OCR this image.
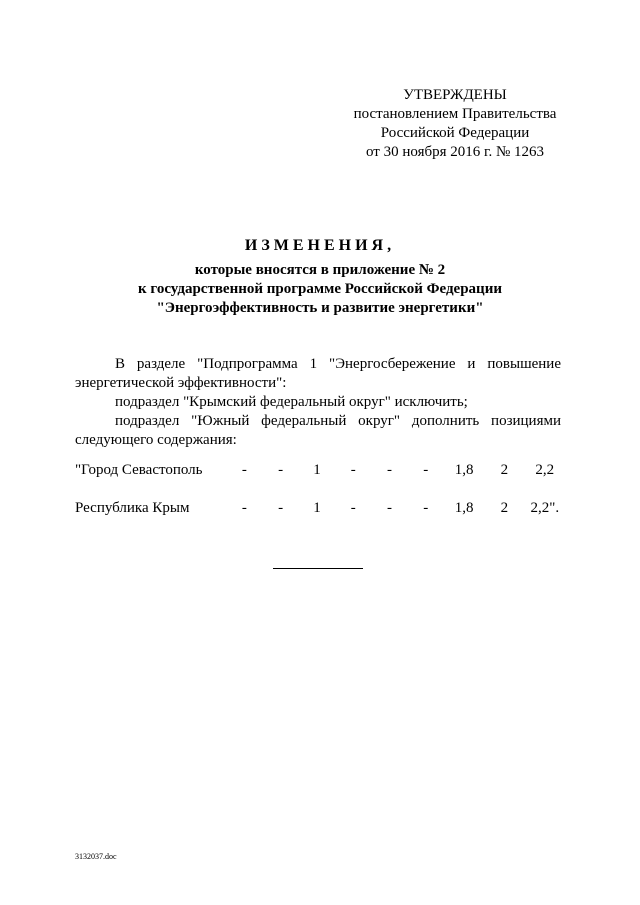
УТВЕРЖДЕНЫ
постановлением Правительства
Российской Федерации
от 30 ноября 2016 г. № 1263
ИЗМЕНЕНИЯ,
которые вносятся в приложение № 2
к государственной программе Российской Федерации
"Энергоэффективность и развитие энергетики"

В разделе "Подпрограмма 1 "Энергосбережение и повышение

энергетической эффективности":

подраздел "Крымский федеральный округ" исключить;

подраздел "Южный федеральный округ" дополнить позициями

следующего содержания:

"Город Севастополь	-	-	1	-	-	-	1,8	2	2,2
Республика Крым	-	-	1	-	-	-	1,8	2	2,2".
3132037.doc
